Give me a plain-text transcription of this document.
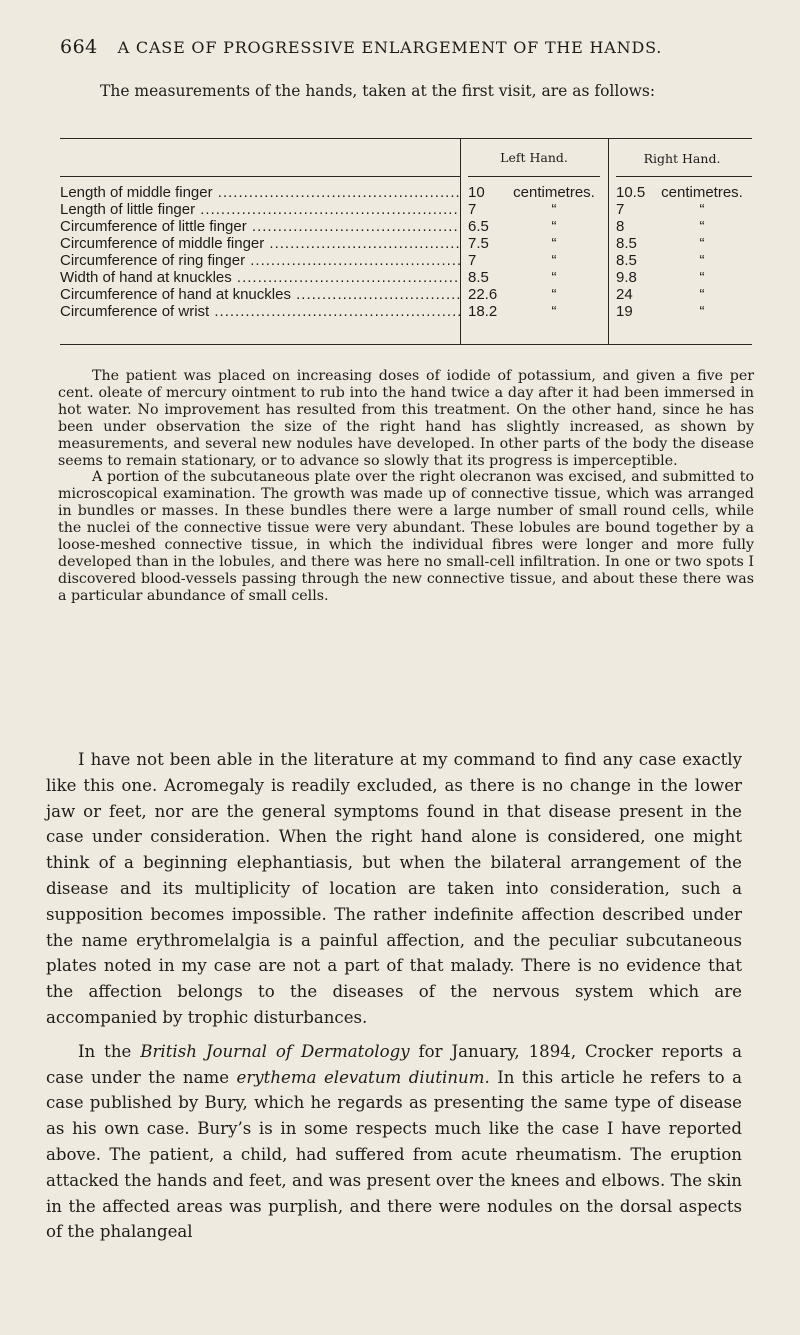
664 A CASE OF PROGRESSIVE ENLARGEMENT OF THE HANDS.
The measurements of the hands, taken at the first visit, are as follows:
Left Hand.	Right Hand.
Length of middle finger .....	10	centimetres.	10.5	centimetres.
Length of little finger .....	7	“	7	“
Circumference of little finger .....	6.5	“	8	“
Circumference of middle finger .....	7.5	“	8.5	“
Circumference of ring finger .....	7	“	8.5	“
Width of hand at knuckles .....	8.5	“	9.8	“
Circumference of hand at knuckles .....	22.6	“	24	“
Circumference of wrist .....	18.2	“	19	“

The patient was placed on increasing doses of iodide of potassium, and given a five per cent. oleate of mercury ointment to rub into the hand twice a day after it had been immersed in hot water. No improvement has resulted from this treatment. On the other hand, since he has been under observation the size of the right hand has slightly increased, as shown by measurements, and several new nodules have developed. In other parts of the body the disease seems to remain stationary, or to advance so slowly that its progress is imperceptible.

A portion of the subcutaneous plate over the right olecranon was excised, and submitted to microscopical examination. The growth was made up of connective tissue, which was arranged in bundles or masses. In these bundles there were a large number of small round cells, while the nuclei of the connective tissue were very abundant. These lobules are bound together by a loose-meshed connective tissue, in which the individual fibres were longer and more fully developed than in the lobules, and there was here no small-cell infiltration. In one or two spots I discovered blood-vessels passing through the new connective tissue, and about these there was a particular abundance of small cells.

I have not been able in the literature at my command to find any case exactly like this one. Acromegaly is readily excluded, as there is no change in the lower jaw or feet, nor are the general symptoms found in that disease present in the case under consideration. When the right hand alone is considered, one might think of a beginning elephantiasis, but when the bilateral arrangement of the disease and its multiplicity of location are taken into consideration, such a supposition becomes impossible. The rather indefinite affection described under the name erythromelalgia is a painful affection, and the peculiar subcutaneous plates noted in my case are not a part of that malady. There is no evidence that the affection belongs to the diseases of the nervous system which are accompanied by trophic disturbances.

In the British Journal of Dermatology for January, 1894, Crocker reports a case under the name erythema elevatum diutinum. In this article he refers to a case published by Bury, which he regards as presenting the same type of disease as his own case. Bury’s is in some respects much like the case I have reported above. The patient, a child, had suffered from acute rheumatism. The eruption attacked the hands and feet, and was present over the knees and elbows. The skin in the affected areas was purplish, and there were nodules on the dorsal aspects of the phalangeal
